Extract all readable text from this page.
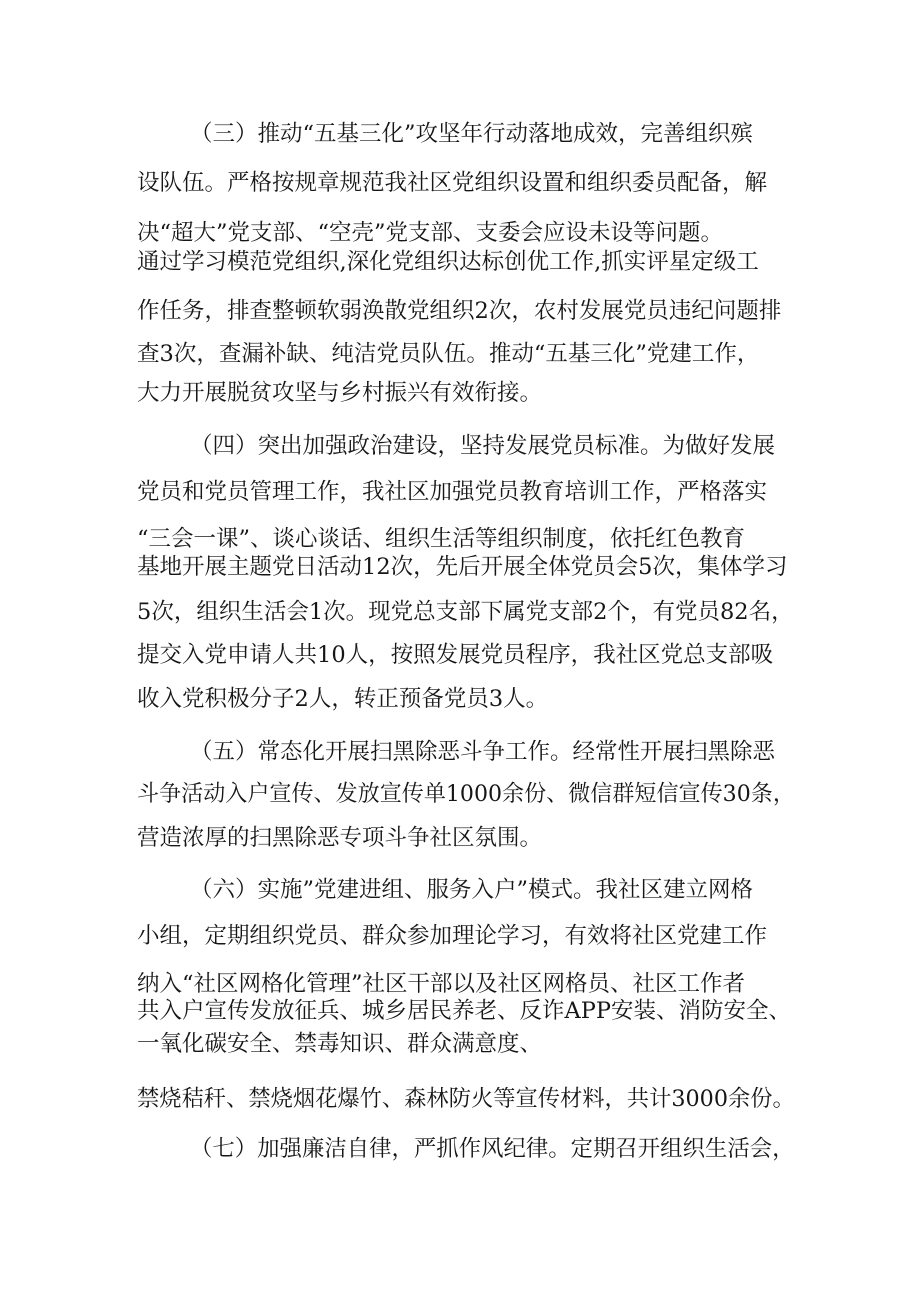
（三）推动“五基三化”攻坚年行动落地成效，完善组织殡
设队伍。严格按规章规范我社区党组织设置和组织委员配备，解
决“超大”党支部、“空壳”党支部、支委会应设未设等问题。
通过学习模范党组织,深化党组织达标创优工作,抓实评星定级工
作任务，排查整顿软弱涣散党组织2次，农村发展党员违纪问题排
查3次，查漏补缺、纯洁党员队伍。推动“五基三化”党建工作，
大力开展脱贫攻坚与乡村振兴有效衔接。
（四）突出加强政治建设，坚持发展党员标准。为做好发展
党员和党员管理工作，我社区加强党员教育培训工作，严格落实
“三会一课”、谈心谈话、组织生活等组织制度，依托红色教育
基地开展主题党日活动12次，先后开展全体党员会5次，集体学习
5次，组织生活会1次。现党总支部下属党支部2个，有党员82名，
提交入党申请人共10人，按照发展党员程序，我社区党总支部吸
收入党积极分子2人，转正预备党员3人。
（五）常态化开展扫黑除恶斗争工作。经常性开展扫黑除恶
斗争活动入户宣传、发放宣传单1000余份、微信群短信宣传30条，
营造浓厚的扫黑除恶专项斗争社区氛围。
（六）实施”党建进组、服务入户”模式。我社区建立网格
小组，定期组织党员、群众参加理论学习，有效将社区党建工作
纳入“社区网格化管理”社区干部以及社区网格员、社区工作者
共入户宣传发放征兵、城乡居民养老、反诈APP安装、消防安全、
一氧化碳安全、禁毒知识、群众满意度、
禁烧秸秆、禁烧烟花爆竹、森林防火等宣传材料，共计3000余份。
（七）加强廉洁自律，严抓作风纪律。定期召开组织生活会，
